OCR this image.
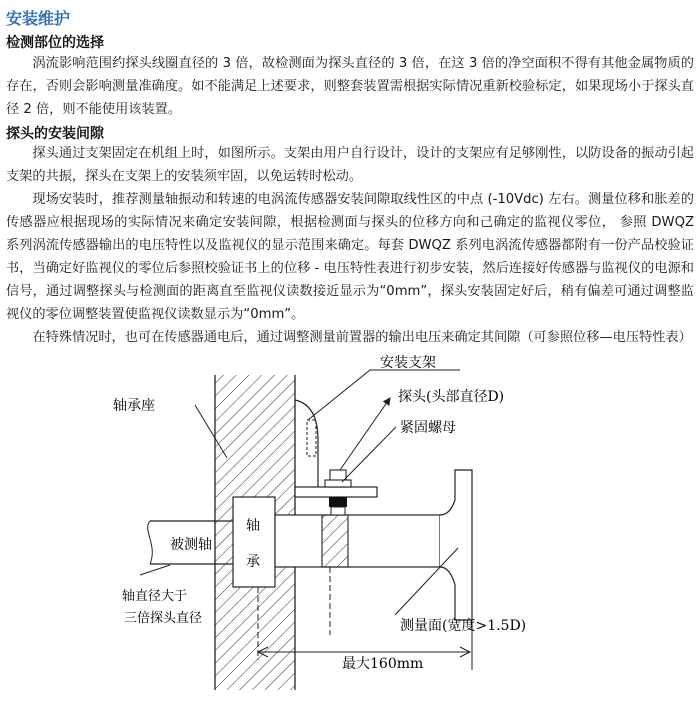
安装维护
检测部位的选择
涡流影响范围约探头线圈直径的 3 倍，故检测面为探头直径的 3 倍，在这 3 倍的净空面积不得有其他金属物质的存在，否则会影响测量准确度。如不能满足上述要求，则整套装置需根据实际情况重新校验标定，如果现场小于探头直径 2 倍，则不能使用该装置。
探头的安装间隙
探头通过支架固定在机组上时，如图所示。支架由用户自行设计，设计的支架应有足够刚性，以防设备的振动引起支架的共振，探头在支架上的安装须牢固，以免运转时松动。
现场安装时，推荐测量轴振动和转速的电涡流传感器安装间隙取线性区的中点 (-10Vdc) 左右。测量位移和胀差的传感器应根据现场的实际情况来确定安装间隙，根据检测面与探头的位移方向和己确定的监视仪零位， 参照 DWQZ 系列涡流传感器输出的电压特性以及监视仪的显示范围来确定。每套 DWQZ 系列电涡流传感器都附有一份产品校验证书，当确定好监视仪的零位后参照校验证书上的位移 - 电压特性表进行初步安装，然后连接好传感器与监视仪的电源和信号，通过调整探头与检测面的距离直至监视仪读数接近显示为“0mm”，探头安装固定好后，稍有偏差可通过调整监视仪的零位调整装置使监视仪读数显示为“0mm”。
在特殊情况时，也可在传感器通电后，通过调整测量前置器的输出电压来确定其间隙（可参照位移—电压特性表）
安装支架
探头(头部直径D)
紧固螺母
轴承座
被测轴
轴
承
轴直径大于
三倍探头直径	测量面(宽度>1.5D)
最大160mm
